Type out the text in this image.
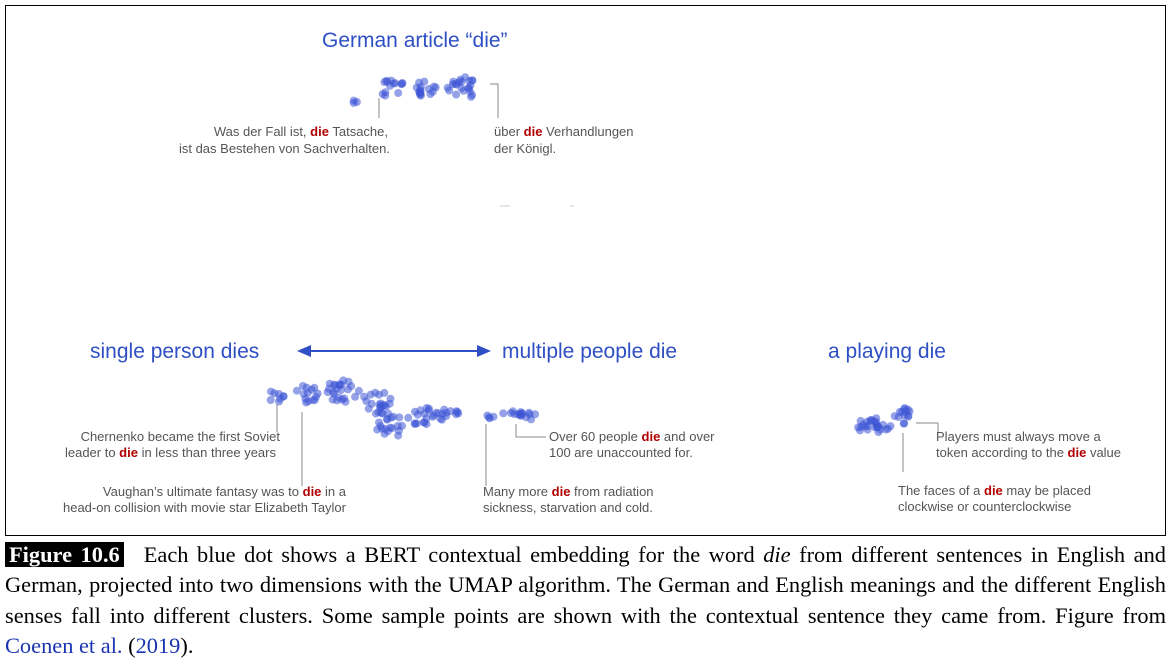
German article “die”
single person dies	multiple people die	a playing die
Was der Fall ist, die Tatsache,
ist das Bestehen von Sachverhalten.
über die Verhandlungen
der Königl.
Chernenko became the first Soviet
leader to die in less than three years
Vaughan’s ultimate fantasy was to die in a
head-on collision with movie star Elizabeth Taylor
Over 60 people die and over
100 are unaccounted for.
Many more die from radiation
sickness, starvation and cold.
Players must always move a
token according to the die value
The faces of a die may be placed
clockwise or counterclockwise
Figure 10.6 Each blue dot shows a BERT contextual embedding for the word die from different sentences in English and German, projected into two dimensions with the UMAP algorithm. The German and English meanings and the different English senses fall into different clusters. Some sample points are shown with the contextual sentence they came from. Figure from Coenen et al. (2019).
